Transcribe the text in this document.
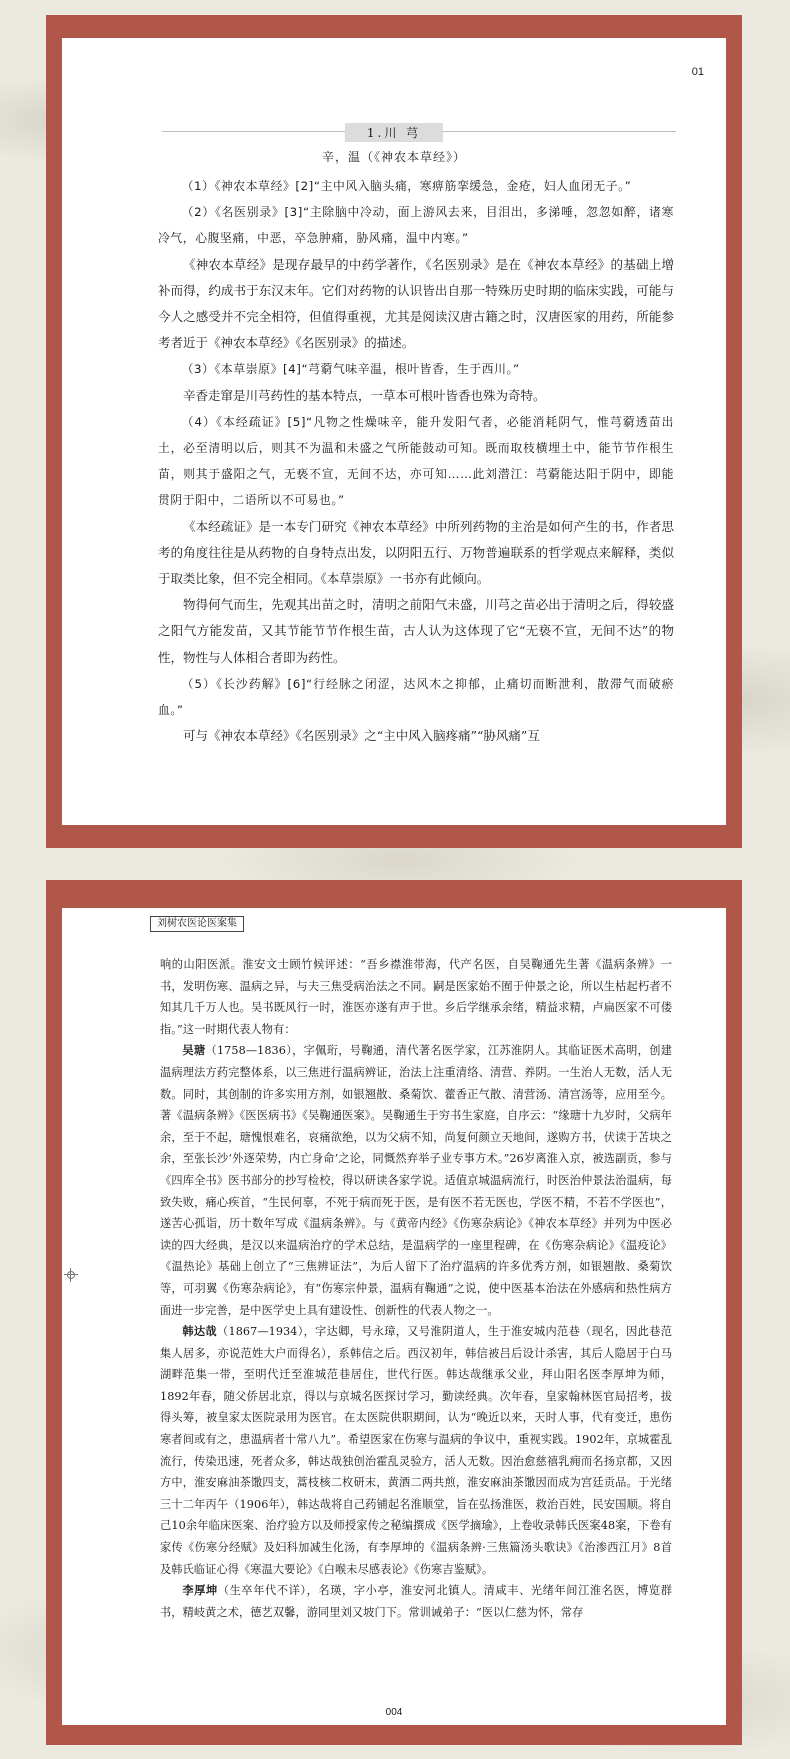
01
1.川 芎
辛，温（《神农本草经》）

（1）《神农本草经》[2]“主中风入脑头痛，寒痹筋挛缓急，金疮，妇人血闭无子。”

（2）《名医别录》[3]“主除脑中冷动，面上游风去来，目泪出，多涕唾，忽忽如醉，诸寒冷气，心腹坚痛，中恶，卒急肿痛，胁风痛，温中内寒。”

《神农本草经》是现存最早的中药学著作，《名医别录》是在《神农本草经》的基础上增补而得，约成书于东汉末年。它们对药物的认识皆出自那一特殊历史时期的临床实践，可能与今人之感受并不完全相符，但值得重视，尤其是阅读汉唐古籍之时，汉唐医家的用药，所能参考者近于《神农本草经》《名医别录》的描述。

（3）《本草崇原》[4]“芎藭气味辛温，根叶皆香，生于西川。”

辛香走窜是川芎药性的基本特点，一草本可根叶皆香也殊为奇特。

（4）《本经疏证》[5]“凡物之性燥味辛，能升发阳气者，必能消耗阴气，惟芎藭透苗出土，必至清明以后，则其不为温和未盛之气所能鼓动可知。既而取枝横埋土中，能节节作根生苗，则其于盛阳之气，无亵不宣，无间不达，亦可知……此刘潜江：芎藭能达阳于阴中，即能贯阴于阳中，二语所以不可易也。”

《本经疏证》是一本专门研究《神农本草经》中所列药物的主治是如何产生的书，作者思考的角度往往是从药物的自身特点出发，以阴阳五行、万物普遍联系的哲学观点来解释，类似于取类比象，但不完全相同。《本草崇原》一书亦有此倾向。

物得何气而生，先观其出苗之时，清明之前阳气未盛，川芎之苗必出于清明之后，得较盛之阳气方能发苗，又其节能节节作根生苗，古人认为这体现了它“无亵不宣，无间不达”的物性，物性与人体相合者即为药性。

（5）《长沙药解》[6]“行经脉之闭涩，达风木之抑郁，止痛切而断泄利，散滞气而破瘀血。”

可与《神农本草经》《名医别录》之“主中风入脑疼痛”“胁风痛”互

刘树农医论医案集

响的山阳医派。淮安文士顾竹候评述：“吾乡襟淮带海，代产名医，自吴鞠通先生著《温病条辨》一书，发明伤寒、温病之异，与夫三焦受病治法之不同。嗣是医家始不囿于仲景之论，所以生枯起朽者不知其几千万人也。吴书既风行一时，淮医亦遂有声于世。乡后学继承余绪，精益求精，卢扁医家不可偻指。”这一时期代表人物有：

吴瑭（1758—1836），字佩珩，号鞠通，清代著名医学家，江苏淮阴人。其临证医术高明，创建温病理法方药完整体系，以三焦进行温病辨证，治法上注重清络、清营、养阴。一生治人无数，活人无数。同时，其创制的许多实用方剂，如银翘散、桑菊饮、藿香正气散、清营汤、清宫汤等，应用至今。著《温病条辨》《医医病书》《吴鞠通医案》。吴鞠通生于穷书生家庭，自序云：“缘瑭十九岁时，父病年余，至于不起，瑭愧恨难名，哀痛欲绝，以为父病不知，尚复何颜立天地间，遂购方书，伏读于苫块之余，至张长沙‘外逐荣势，内亡身命’之论，同慨然弃举子业专事方术。”26岁离淮入京，被选副贡，参与《四库全书》医书部分的抄写检校，得以研读各家学说。适值京城温病流行，时医治仲景法治温病，每致失败，痛心疾首，“生民何辜，不死于病而死于医，是有医不若无医也，学医不精，不若不学医也”，遂苦心孤诣，历十数年写成《温病条辨》。与《黄帝内经》《伤寒杂病论》《神农本草经》并列为中医必读的四大经典，是汉以来温病治疗的学术总结，是温病学的一座里程碑，在《伤寒杂病论》《温疫论》《温热论》基础上创立了“三焦辨证法”，为后人留下了治疗温病的许多优秀方剂，如银翘散、桑菊饮等，可羽翼《伤寒杂病论》，有“伤寒宗仲景，温病有鞠通”之说，使中医基本治法在外感病和热性病方面进一步完善，是中医学史上具有建设性、创新性的代表人物之一。

韩达哉（1867—1934），字达卿，号永璋，又号淮阴道人，生于淮安城内范巷（现名，因此巷范集人居多，亦说范姓大户而得名），系韩信之后。西汉初年，韩信被吕后设计杀害，其后人隐居于白马湖畔范集一带，至明代迁至淮城范巷居住，世代行医。韩达哉继承父业，拜山阳名医李厚坤为师，1892年春，随父侨居北京，得以与京城名医探讨学习，勤读经典。次年春，皇家翰林医官局招考，拔得头筹，被皇家太医院录用为医官。在太医院供职期间，认为“晚近以来，天时人事，代有变迁，患伤寒者间或有之，患温病者十常八九”。希望医家在伤寒与温病的争议中，重视实践。1902年，京城霍乱流行，传染迅速，死者众多，韩达哉独创治霍乱灵验方，活人无数。因治愈慈禧乳痈而名扬京都，又因方中，淮安麻油茶馓四支，蒿枝核二枚研末，黄酒二两共煎，淮安麻油茶馓因而成为宫廷贡品。于光绪三十二年丙午（1906年），韩达哉将自己药铺起名淮顺堂，旨在弘扬淮医，救治百姓，民安国顺。将自己10余年临床医案、治疗验方以及师授家传之秘编撰成《医学摘瑜》，上卷收录韩氏医案48案，下卷有家传《伤寒分经赋》及妇科加减生化汤，有李厚坤的《温病条辨·三焦篇汤头歌诀》《治渗西江月》8首及韩氏临证心得《寒温大要论》《白喉未尽感表论》《伤寒吉鉴赋》。

李厚坤（生卒年代不详），名瑛，字小亭，淮安河北镇人。清咸丰、光绪年间江淮名医，博览群书，精岐黄之术，德艺双馨，游同里刘又坡门下。常训诫弟子：“医以仁慈为怀，常存

004
